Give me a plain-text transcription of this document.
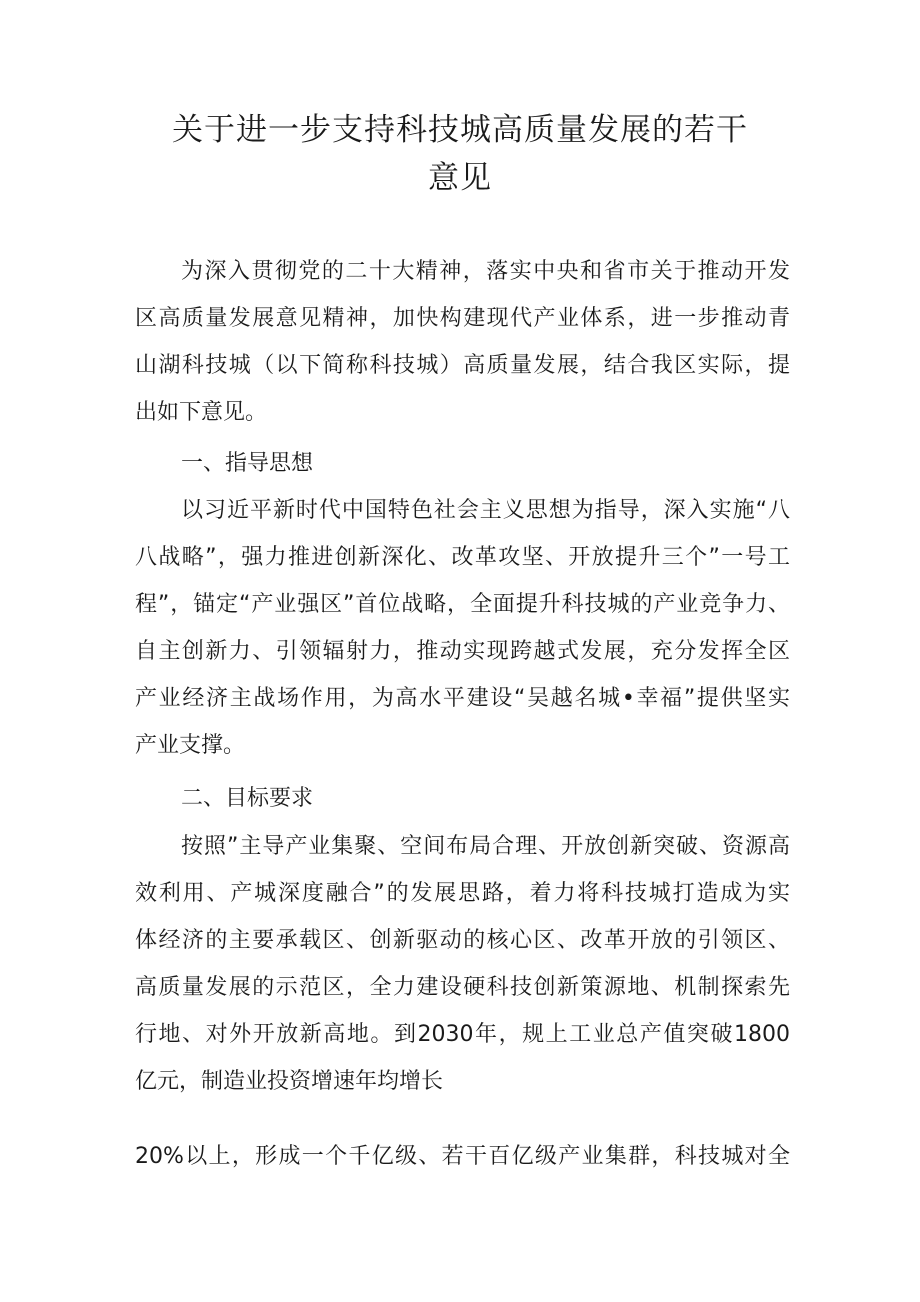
关于进一步支持科技城高质量发展的若干
意见

为深入贯彻党的二十大精神，落实中央和省市关于推动开发

区高质量发展意见精神，加快构建现代产业体系，进一步推动青

山湖科技城（以下简称科技城）高质量发展，结合我区实际，提

出如下意见。

一、指导思想

以习近平新时代中国特色社会主义思想为指导，深入实施“八

八战略”，强力推进创新深化、改革攻坚、开放提升三个”一号工

程”，锚定“产业强区”首位战略，全面提升科技城的产业竞争力、

自主创新力、引领辐射力，推动实现跨越式发展，充分发挥全区

产业经济主战场作用，为高水平建设“吴越名城•幸福”提供坚实

产业支撑。

二、目标要求

按照”主导产业集聚、空间布局合理、开放创新突破、资源高

效利用、产城深度融合”的发展思路，着力将科技城打造成为实

体经济的主要承载区、创新驱动的核心区、改革开放的引领区、

高质量发展的示范区，全力建设硬科技创新策源地、机制探索先

行地、对外开放新高地。到2030年，规上工业总产值突破1800

亿元，制造业投资增速年均增长

20%以上，形成一个千亿级、若干百亿级产业集群，科技城对全
